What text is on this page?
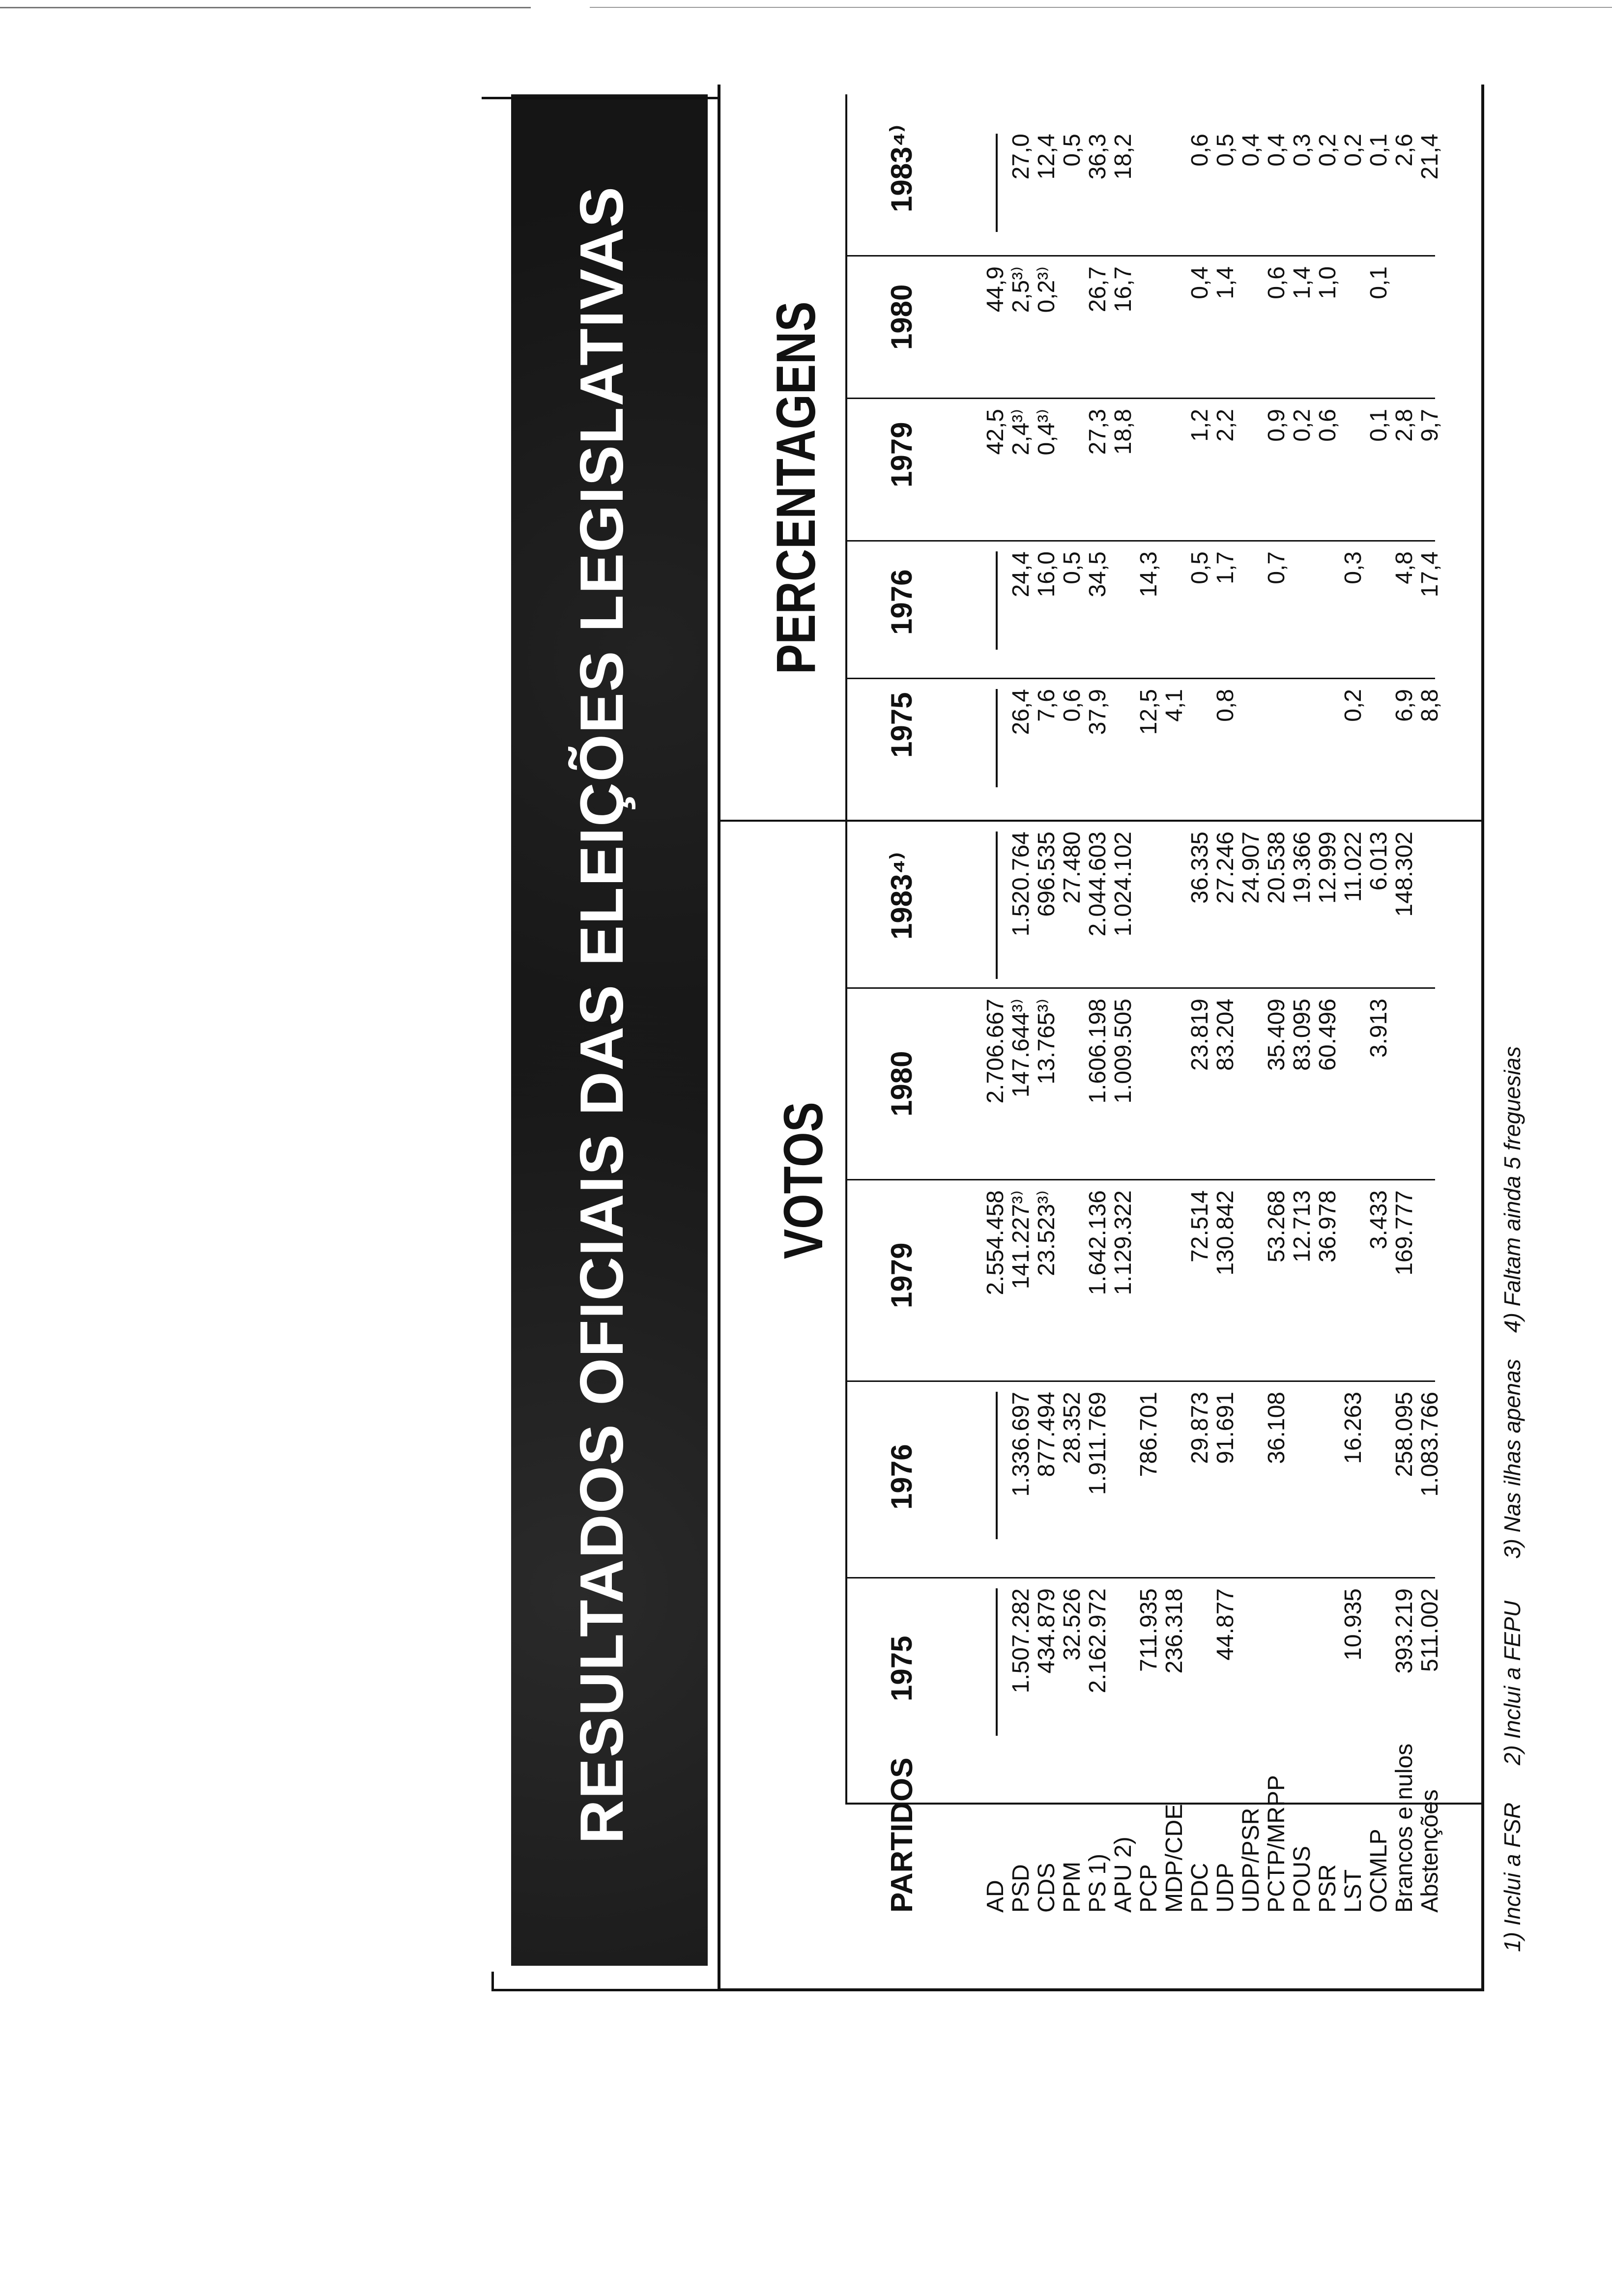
RESULTADOS OFICIAIS DAS ELEIÇÕES LEGISLATIVAS VOTOS
PERCENTAGENS
PARTIDOS
1975
1976
1979
1980
1983⁴⁾
1975
1976
1979
1980
1983⁴⁾
AD
2.554.458
2.706.667
42,5
44,9
PSD
1.507.282
1.336.697
141.227³⁾
147.644³⁾
1.520.764
26,4
24,4
2,4³⁾
2,5³⁾
27,0
CDS
434.879
877.494
23.523³⁾
13.765³⁾
696.535
7,6
16,0
0,4³⁾
0,2³⁾
12,4
PPM
32.526
28.352
27.480
0,6
0,5
0,5
PS 1)
2.162.972
1.911.769
1.642.136
1.606.198
2.044.603
37,9
34,5
27,3
26,7
36,3
APU 2)
1.129.322
1.009.505
1.024.102
18,8
16,7
18,2
PCP
711.935
786.701
12,5
14,3
MDP/CDE
236.318
4,1
PDC
29.873
72.514
23.819
36.335
0,5
1,2
0,4
0,6
UDP
44.877
91.691
130.842
83.204
27.246
0,8
1,7
2,2
1,4
0,5
UDP/PSR
24.907
0,4
PCTP/MRPP
36.108
53.268
35.409
20.538
0,7
0,9
0,6
0,4
POUS
12.713
83.095
19.366
0,2
1,4
0,3
PSR
36.978
60.496
12.999
0,6
1,0
0,2
LST
10.935
16.263
11.022
0,2
0,3
0,2
OCMLP
3.433
3.913
6.013
0,1
0,1
0,1
Brancos e nulos
393.219
258.095
169.777
148.302
6,9
4,8
2,8
2,6
Abstenções
511.002
1.083.766
8,8
17,4
9,7
21,4
1) Inclui a FSR
2) Inclui a FEPU
3) Nas ilhas apenas
4) Faltam ainda 5 freguesias
